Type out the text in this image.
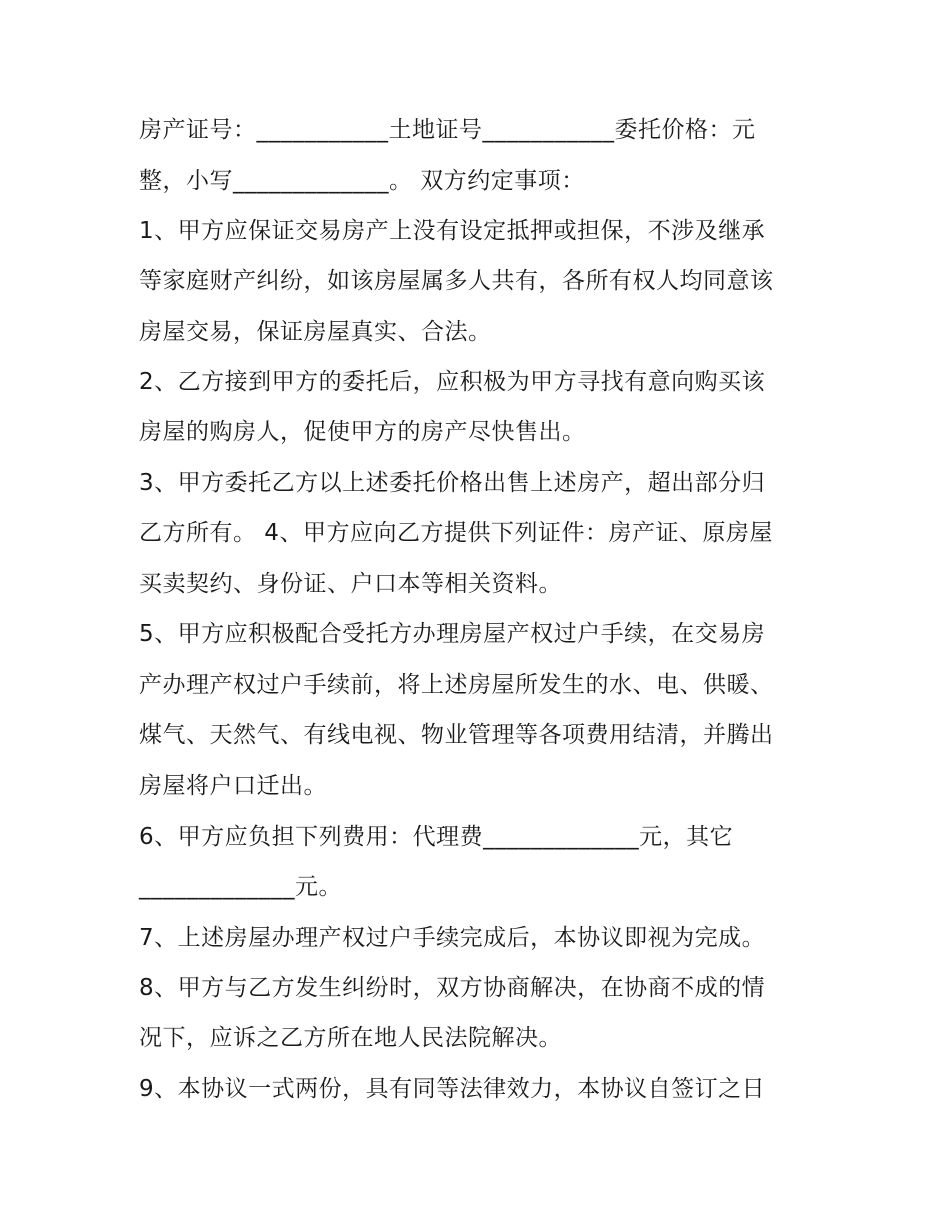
房产证号：___________土地证号___________委托价格：元
整，小写_____________。 双方约定事项：
1、甲方应保证交易房产上没有设定抵押或担保，不涉及继承
等家庭财产纠纷，如该房屋属多人共有，各所有权人均同意该
房屋交易，保证房屋真实、合法。
2、乙方接到甲方的委托后，应积极为甲方寻找有意向购买该
房屋的购房人，促使甲方的房产尽快售出。
3、甲方委托乙方以上述委托价格出售上述房产，超出部分归
乙方所有。 4、甲方应向乙方提供下列证件：房产证、原房屋
买卖契约、身份证、户口本等相关资料。
5、甲方应积极配合受托方办理房屋产权过户手续，在交易房
产办理产权过户手续前，将上述房屋所发生的水、电、供暖、
煤气、天然气、有线电视、物业管理等各项费用结清，并腾出
房屋将户口迁出。
6、甲方应负担下列费用：代理费_____________元，其它
_____________元。
7、上述房屋办理产权过户手续完成后，本协议即视为完成。
8、甲方与乙方发生纠纷时，双方协商解决，在协商不成的情
况下，应诉之乙方所在地人民法院解决。
9、本协议一式两份，具有同等法律效力，本协议自签订之日
